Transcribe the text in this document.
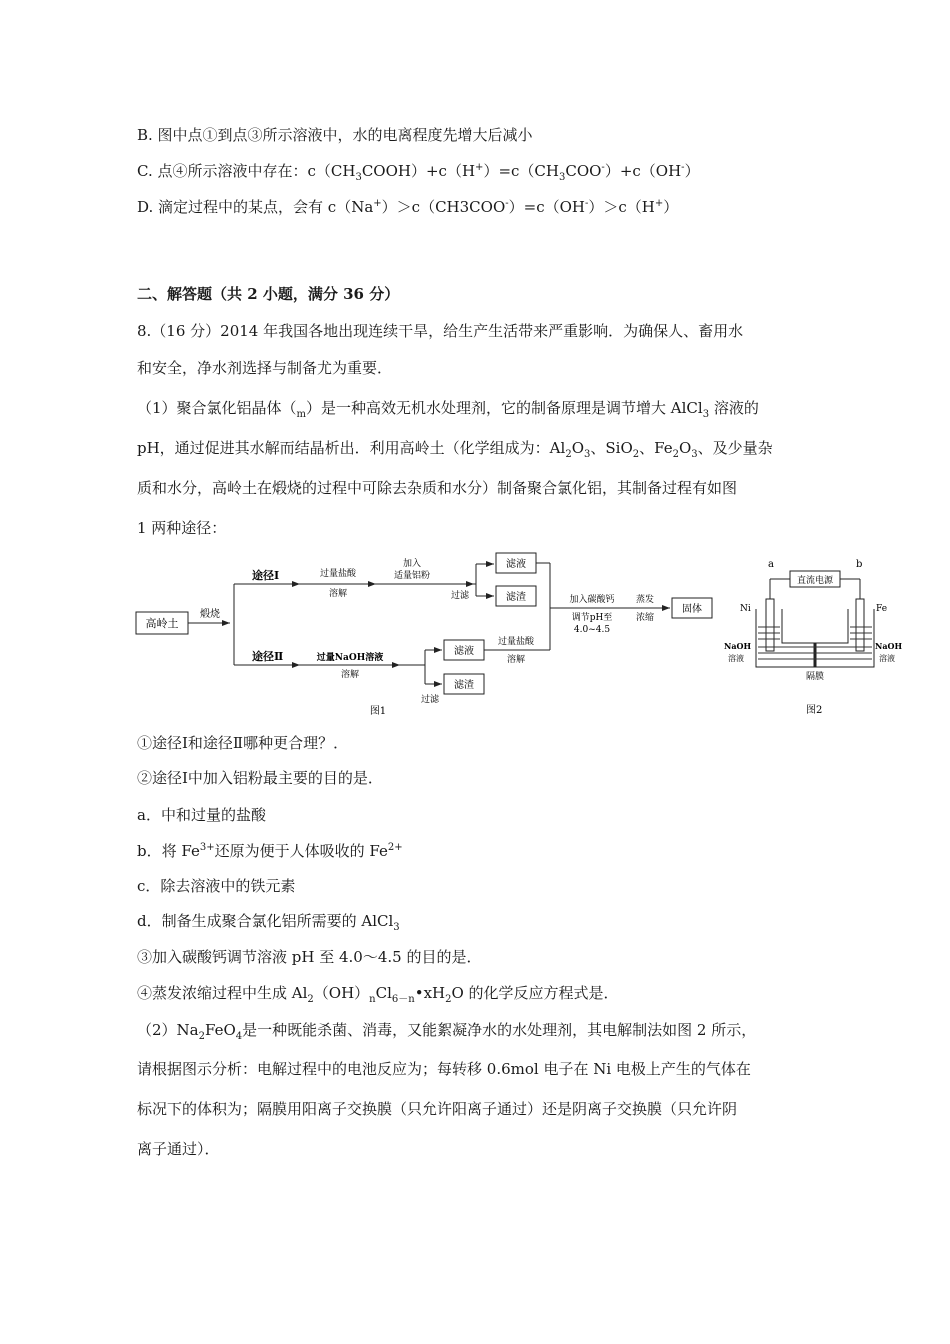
B. 图中点①到点③所示溶液中，水的电离程度先增大后减小
C. 点④所示溶液中存在：$c(CH_3COOH)+c(H^+)=c(CH_3COO^-)+c(OH^-)$
D. 滴定过程中的某点，会有 c（Na+）＞c（CH3COO-）=c（OH-）＞c（H+）
二、解答题（共 2 小题，满分 36 分）
8.（16 分）2014 年我国各地出现连续干旱，给生产生活带来严重影响．为确保人、畜用水
和安全，净水剂选择与制备尤为重要．
（1）聚合氯化铝晶体$(_m)$是一种高效无机水处理剂，它的制备原理是调节增大 AlCl$_3$ 溶液的
pH，通过促进其水解而结晶析出．利用高岭土（化学组成为：$Al_2O_3$、SiO$_2$、$Fe_2O_3$、及少量杂
质和水分，高岭土在煅烧的过程中可除去杂质和水分）制备聚合氯化铝，其制备过程有如图
1 两种途径：
高岭土
煅烧
途径Ⅰ
途径Ⅱ
过量盐酸
溶解
加入
适量铝粉
过滤
滤液
滤渣	加入碳酸钙
调节pH至
4.0~4.5
蒸发
浓缩
固体
过量NaOH溶液
溶解
过滤
滤液
滤渣
过量盐酸
溶解
图1
a	b
直流电源
Ni	Fe
NaOH
溶液
NaOH
溶液
隔膜
图2
①途径Ⅰ和途径Ⅱ哪种更合理？．
②途径Ⅰ中加入铝粉最主要的目的是．
a．中和过量的盐酸
b．将 $Fe^{3+}$还原为便于人体吸收的 $Fe^{2+}$
c．除去溶液中的铁元素
d．制备生成聚合氯化铝所需要的 AlCl$_3$
③加入碳酸钙调节溶液 pH 至 4.0～4.5 的目的是．
④蒸发浓缩过程中生成 $Al_2(OH)_nCl_{6-n}•xH_2O$ 的化学反应方程式是．
$(2)Na_2FeO_4$是一种既能杀菌、消毒，又能絮凝净水的水处理剂，其电解制法如图 2 所示，
请根据图示分析：电解过程中的电池反应为；每转移 0.6mol 电子在 Ni 电极上产生的气体在
标况下的体积为；隔膜用阳离子交换膜（只允许阳离子通过）还是阴离子交换膜（只允许阴
离子通过）．
